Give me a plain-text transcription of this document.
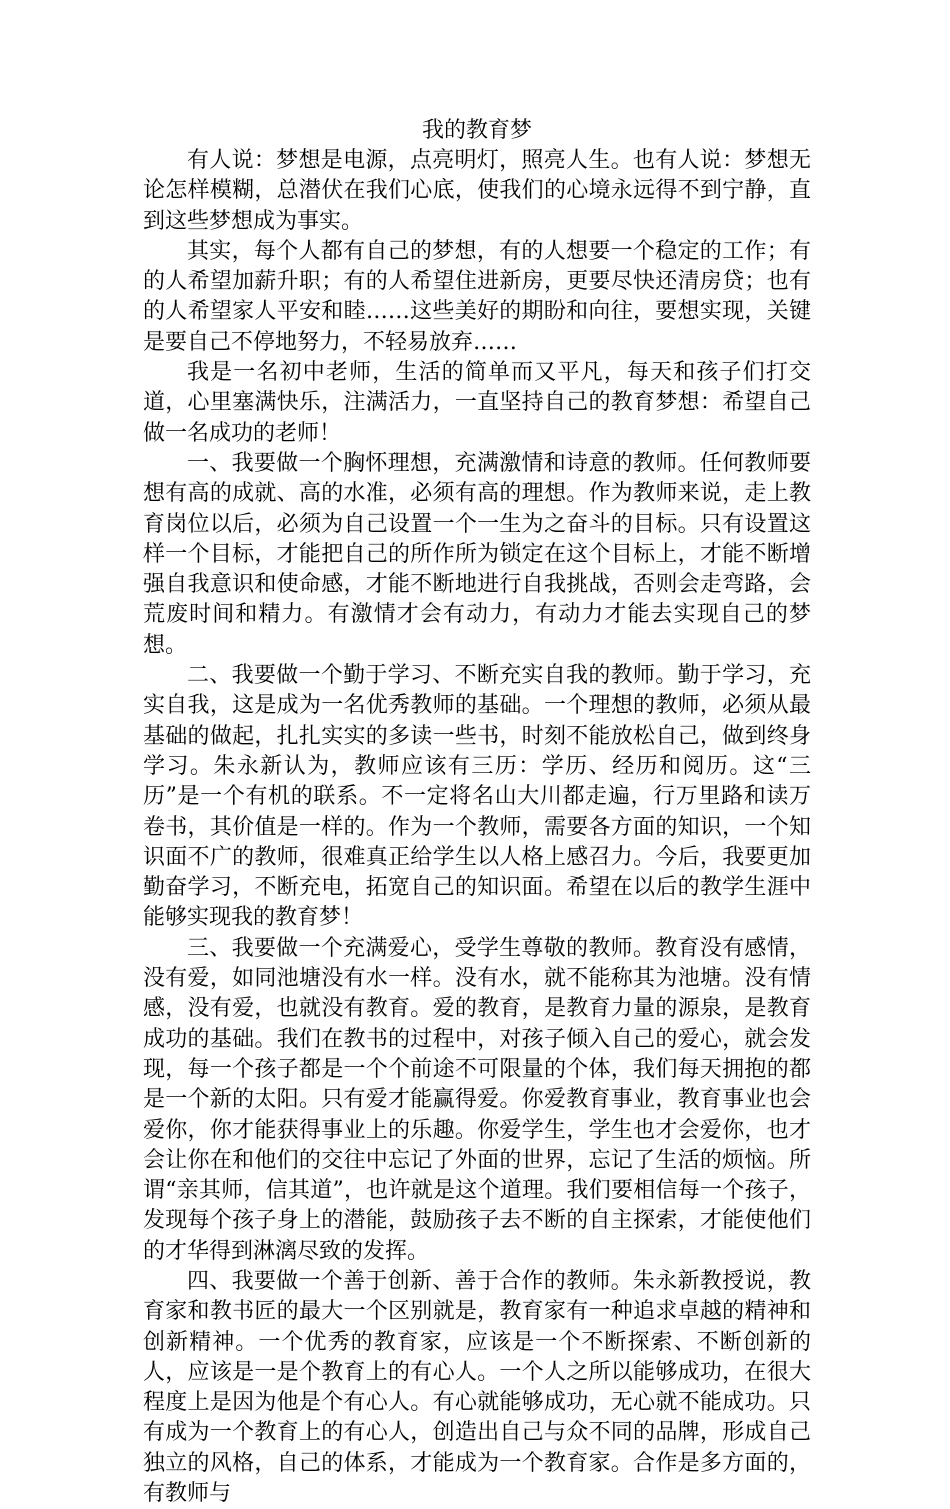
我的教育梦

有人说：梦想是电源，点亮明灯，照亮人生。也有人说：梦想无论怎样模糊，总潜伏在我们心底，使我们的心境永远得不到宁静，直到这些梦想成为事实。

其实，每个人都有自己的梦想，有的人想要一个稳定的工作；有的人希望加薪升职；有的人希望住进新房，更要尽快还清房贷；也有的人希望家人平安和睦……这些美好的期盼和向往，要想实现，关键是要自己不停地努力，不轻易放弃……

我是一名初中老师，生活的简单而又平凡，每天和孩子们打交道，心里塞满快乐，注满活力，一直坚持自己的教育梦想：希望自己做一名成功的老师！

一、我要做一个胸怀理想，充满激情和诗意的教师。任何教师要想有高的成就、高的水准，必须有高的理想。作为教师来说，走上教育岗位以后，必须为自己设置一个一生为之奋斗的目标。只有设置这样一个目标，才能把自己的所作所为锁定在这个目标上，才能不断增强自我意识和使命感，才能不断地进行自我挑战，否则会走弯路，会荒废时间和精力。有激情才会有动力，有动力才能去实现自己的梦想。

二、我要做一个勤于学习、不断充实自我的教师。勤于学习，充实自我，这是成为一名优秀教师的基础。一个理想的教师，必须从最基础的做起，扎扎实实的多读一些书，时刻不能放松自己，做到终身学习。朱永新认为，教师应该有三历：学历、经历和阅历。这“三历”是一个有机的联系。不一定将名山大川都走遍，行万里路和读万卷书，其价值是一样的。作为一个教师，需要各方面的知识，一个知识面不广的教师，很难真正给学生以人格上感召力。今后，我要更加勤奋学习，不断充电，拓宽自己的知识面。希望在以后的教学生涯中能够实现我的教育梦！

三、我要做一个充满爱心，受学生尊敬的教师。教育没有感情，没有爱，如同池塘没有水一样。没有水，就不能称其为池塘。没有情感，没有爱，也就没有教育。爱的教育，是教育力量的源泉，是教育成功的基础。我们在教书的过程中，对孩子倾入自己的爱心，就会发现，每一个孩子都是一个个前途不可限量的个体，我们每天拥抱的都是一个新的太阳。只有爱才能赢得爱。你爱教育事业，教育事业也会爱你，你才能获得事业上的乐趣。你爱学生，学生也才会爱你，也才会让你在和他们的交往中忘记了外面的世界，忘记了生活的烦恼。所谓“亲其师，信其道”，也许就是这个道理。我们要相信每一个孩子，发现每个孩子身上的潜能，鼓励孩子去不断的自主探索，才能使他们的才华得到淋漓尽致的发挥。

四、我要做一个善于创新、善于合作的教师。朱永新教授说，教育家和教书匠的最大一个区别就是，教育家有一种追求卓越的精神和创新精神。一个优秀的教育家，应该是一个不断探索、不断创新的人，应该是一是个教育上的有心人。一个人之所以能够成功，在很大程度上是因为他是个有心人。有心就能够成功，无心就不能成功。只有成为一个教育上的有心人，创造出自己与众不同的品牌，形成自己独立的风格，自己的体系，才能成为一个教育家。合作是多方面的，有教师与
